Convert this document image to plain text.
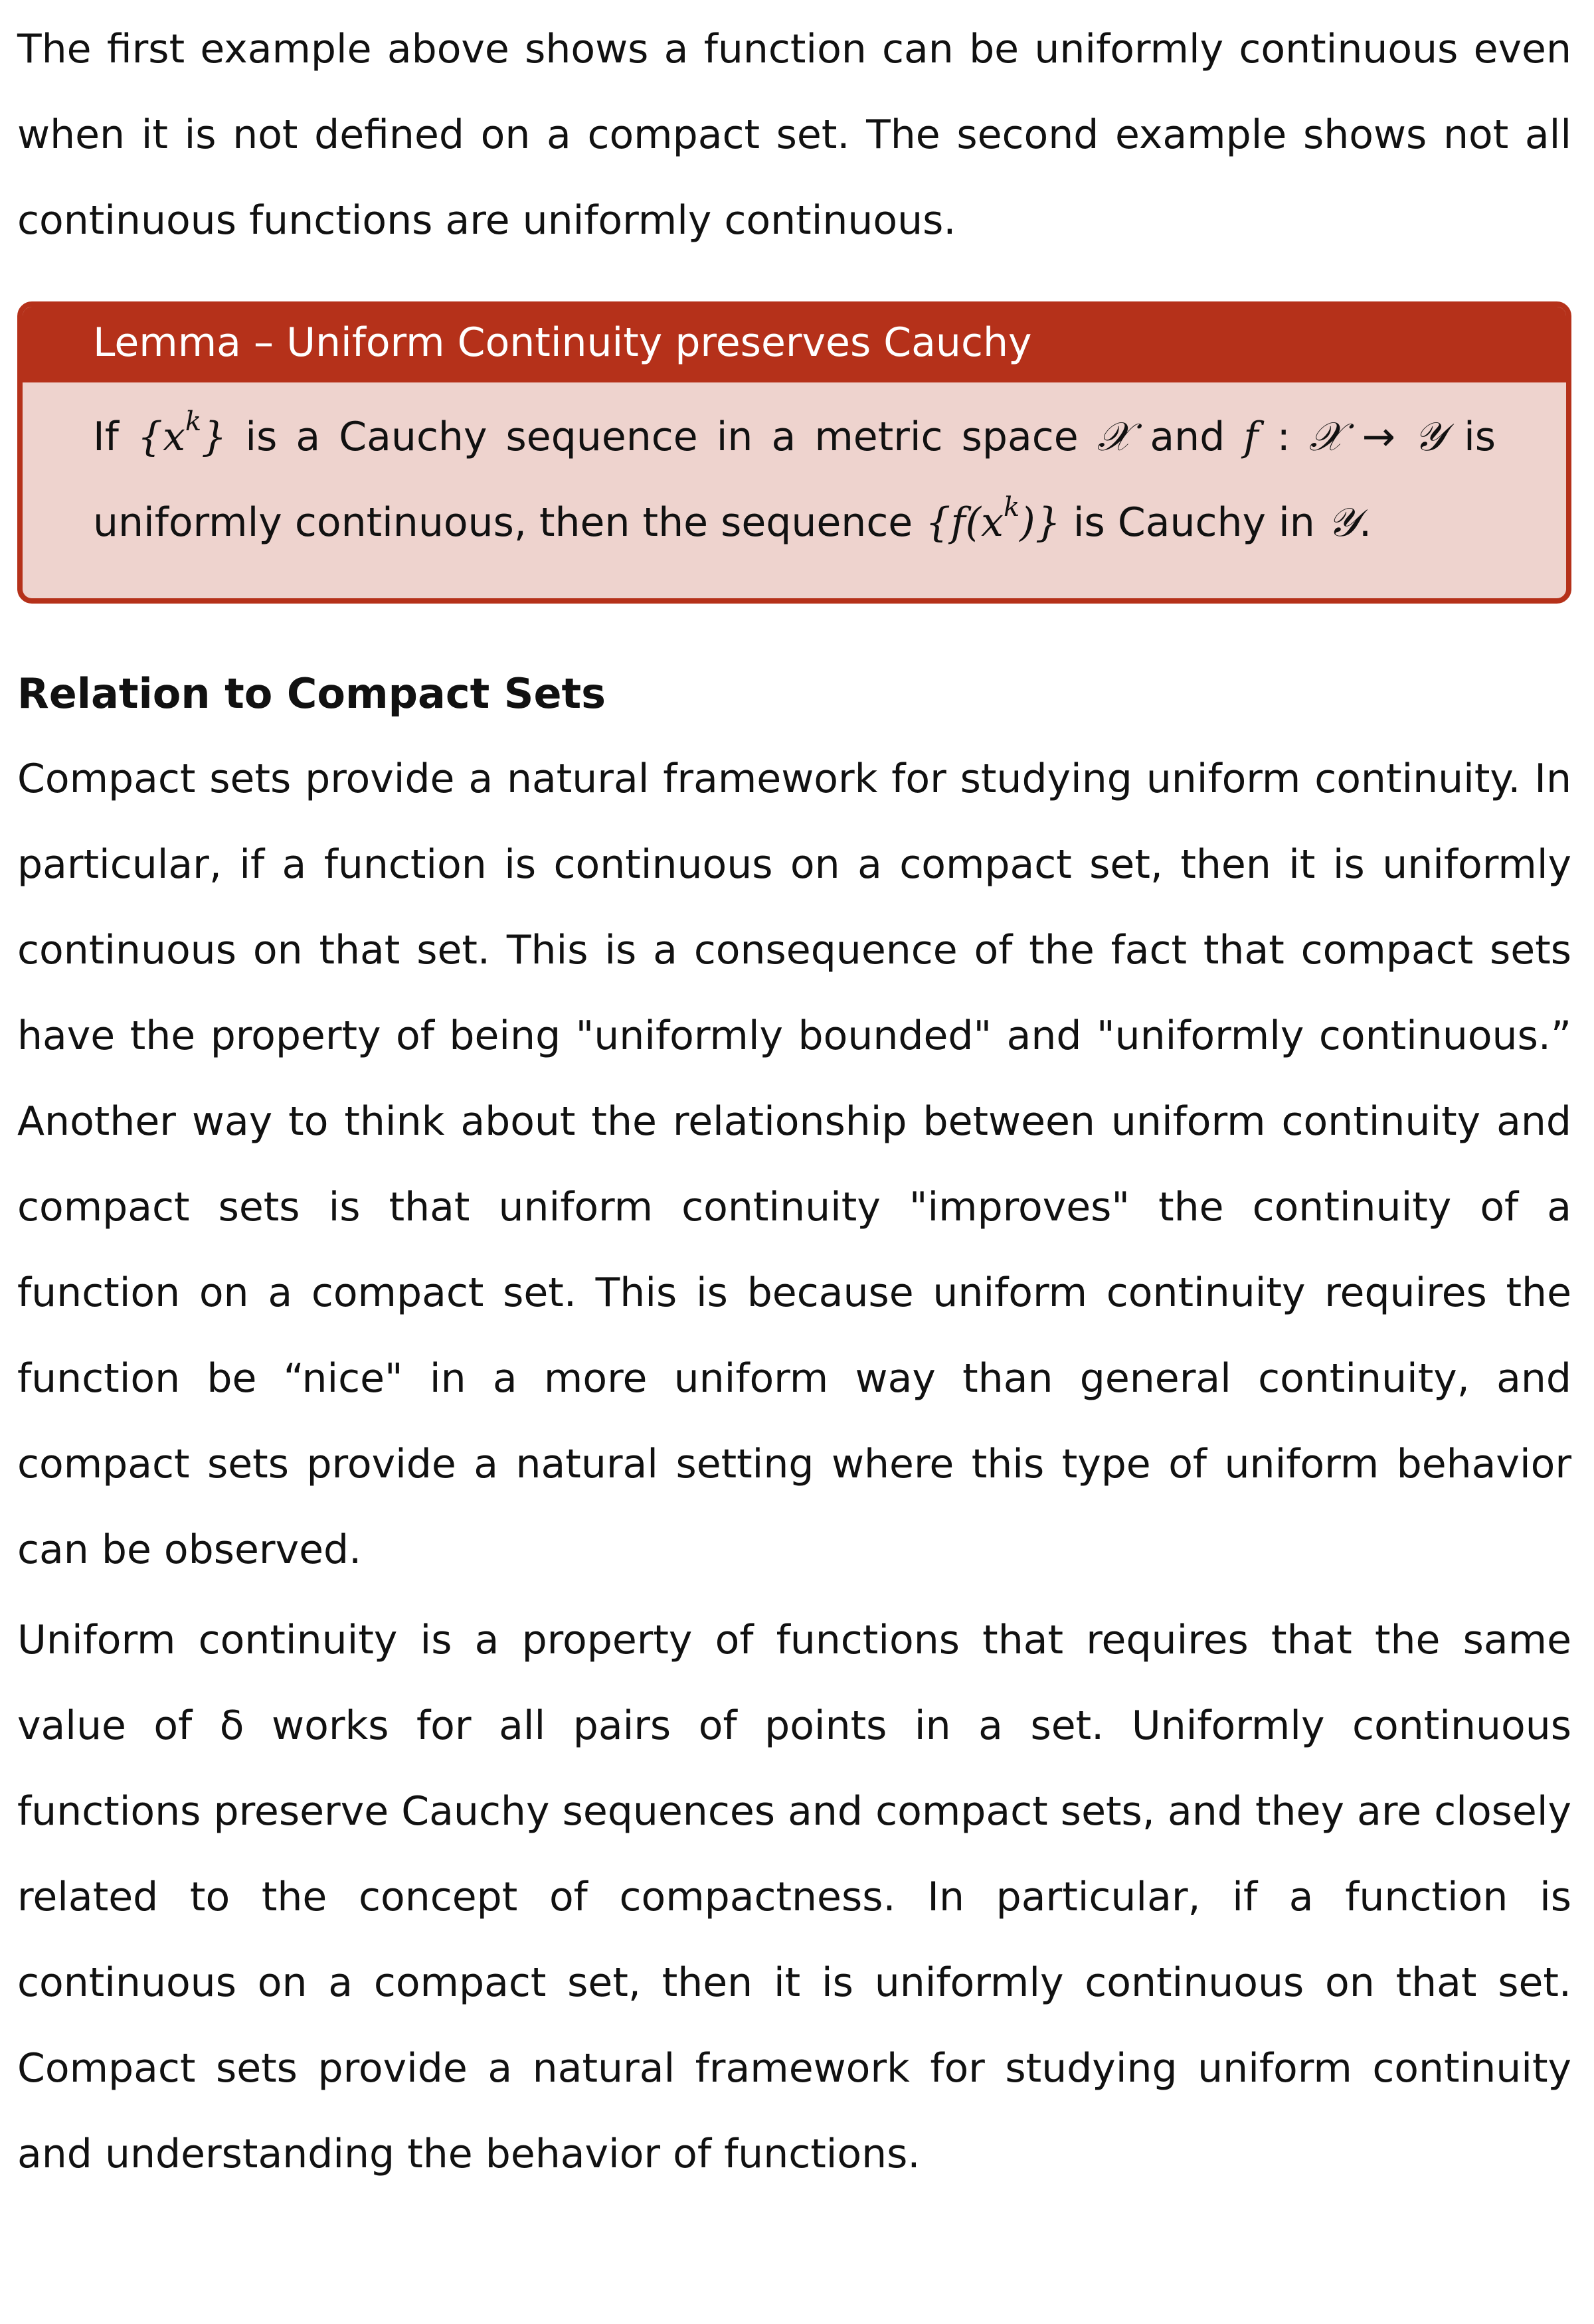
The first example above shows a function can be uniformly continuous even when it is not defined on a compact set. The second example shows not all continuous functions are uniformly continuous.

Lemma – Uniform Continuity preserves Cauchy
If $\{x^k\}$ is a Cauchy sequence in a metric space 𝒳 and f : 𝒳 → 𝒴 is uniformly continuous, then the sequence $\{f(x^k)\}$ is Cauchy in 𝒴.
Relation to Compact Sets

Compact sets provide a natural framework for studying uniform continuity. In particular, if a function is continuous on a compact set, then it is uniformly continuous on that set. This is a consequence of the fact that compact sets have the property of being "uniformly bounded" and "uniformly continuous.” Another way to think about the relationship between uniform continuity and compact sets is that uniform continuity "improves" the continuity of a function on a compact set. This is because uniform continuity requires the function be “nice" in a more uniform way than general continuity, and compact sets provide a natural setting where this type of uniform behavior can be observed.

Uniform continuity is a property of functions that requires that the same value of δ works for all pairs of points in a set. Uniformly continuous functions preserve Cauchy sequences and compact sets, and they are closely related to the concept of compactness. In particular, if a function is continuous on a compact set, then it is uniformly continuous on that set. Compact sets provide a natural framework for studying uniform continuity and understanding the behavior of functions.
